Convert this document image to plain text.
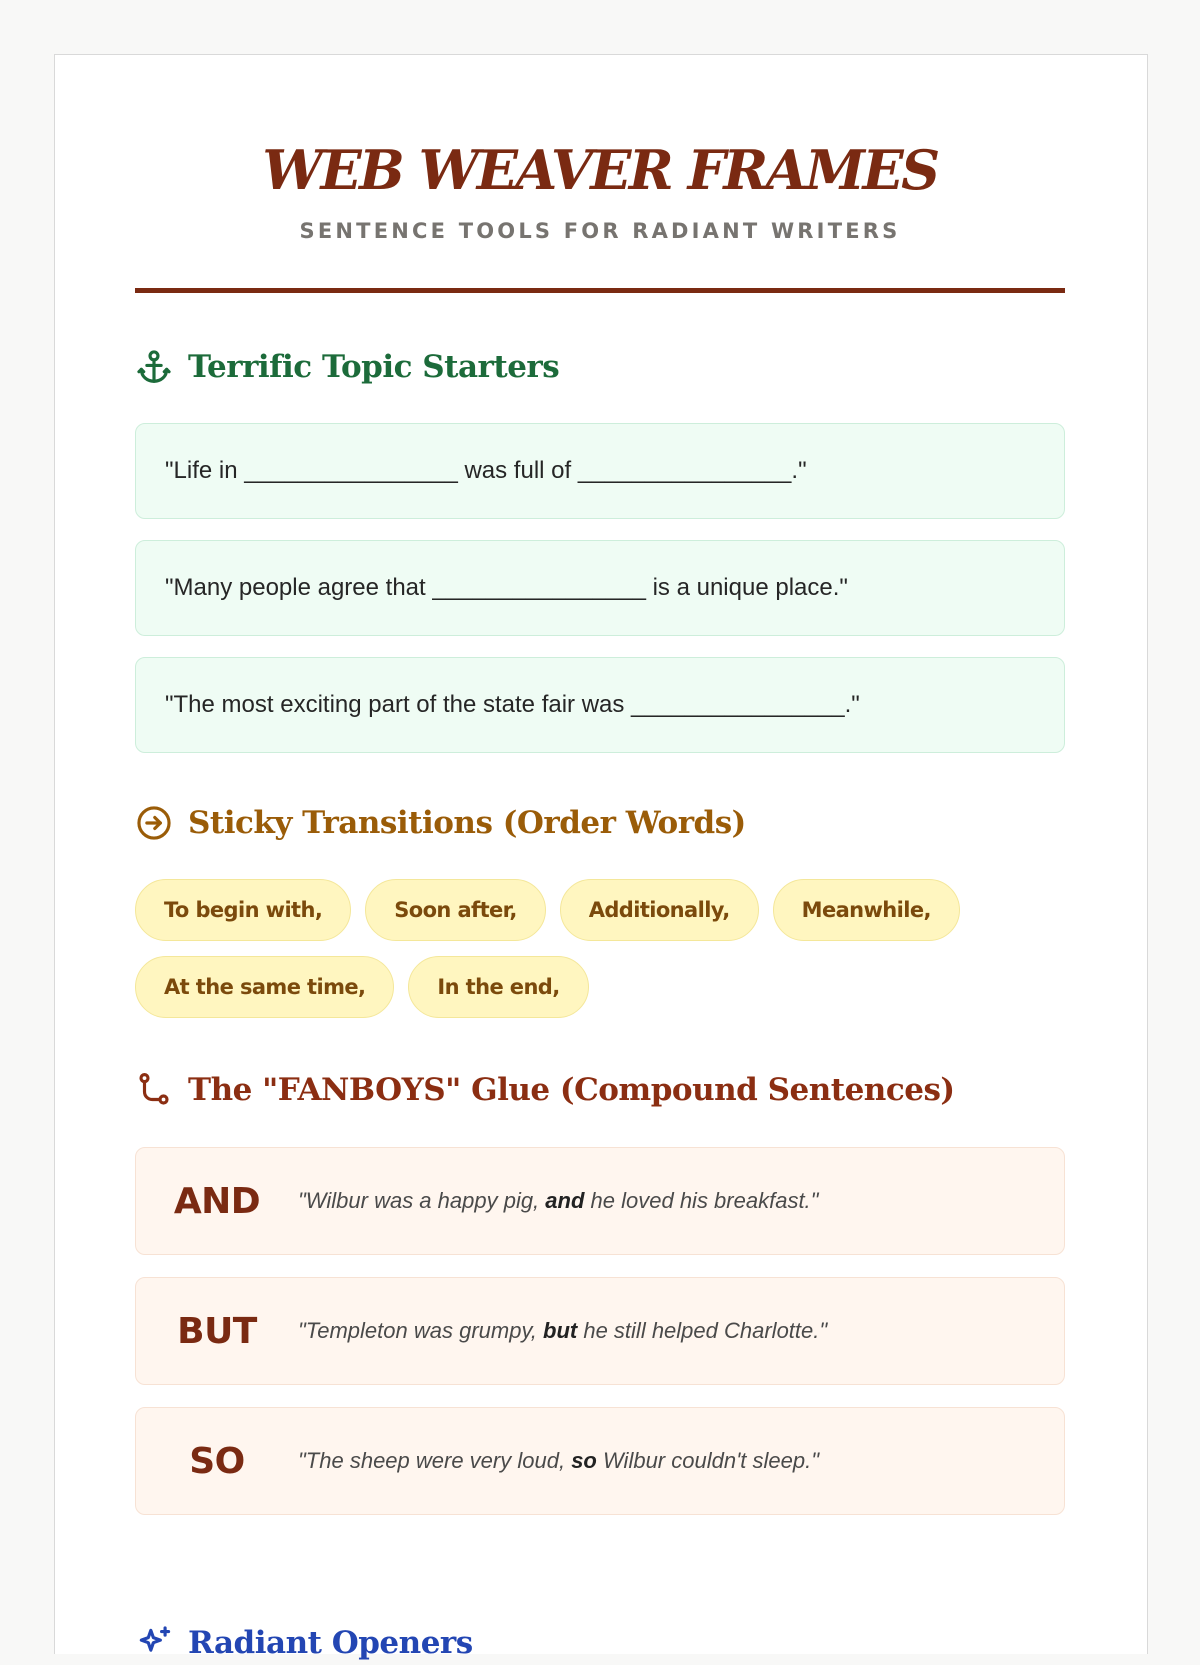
WEB WEAVER FRAMES
SENTENCE TOOLS FOR RADIANT WRITERS
Terrific Topic Starters
"Life in ________________ was full of ________________."
"Many people agree that ________________ is a unique place."
"The most exciting part of the state fair was ________________."
Sticky Transitions (Order Words)
To begin with,	Soon after,	Additionally,	Meanwhile,
At the same time,	In the end,
The "FANBOYS" Glue (Compound Sentences)
AND	"Wilbur was a happy pig, and he loved his breakfast."
BUT	"Templeton was grumpy, but he still helped Charlotte."
SO	"The sheep were very loud, so Wilbur couldn't sleep."
Radiant Openers
